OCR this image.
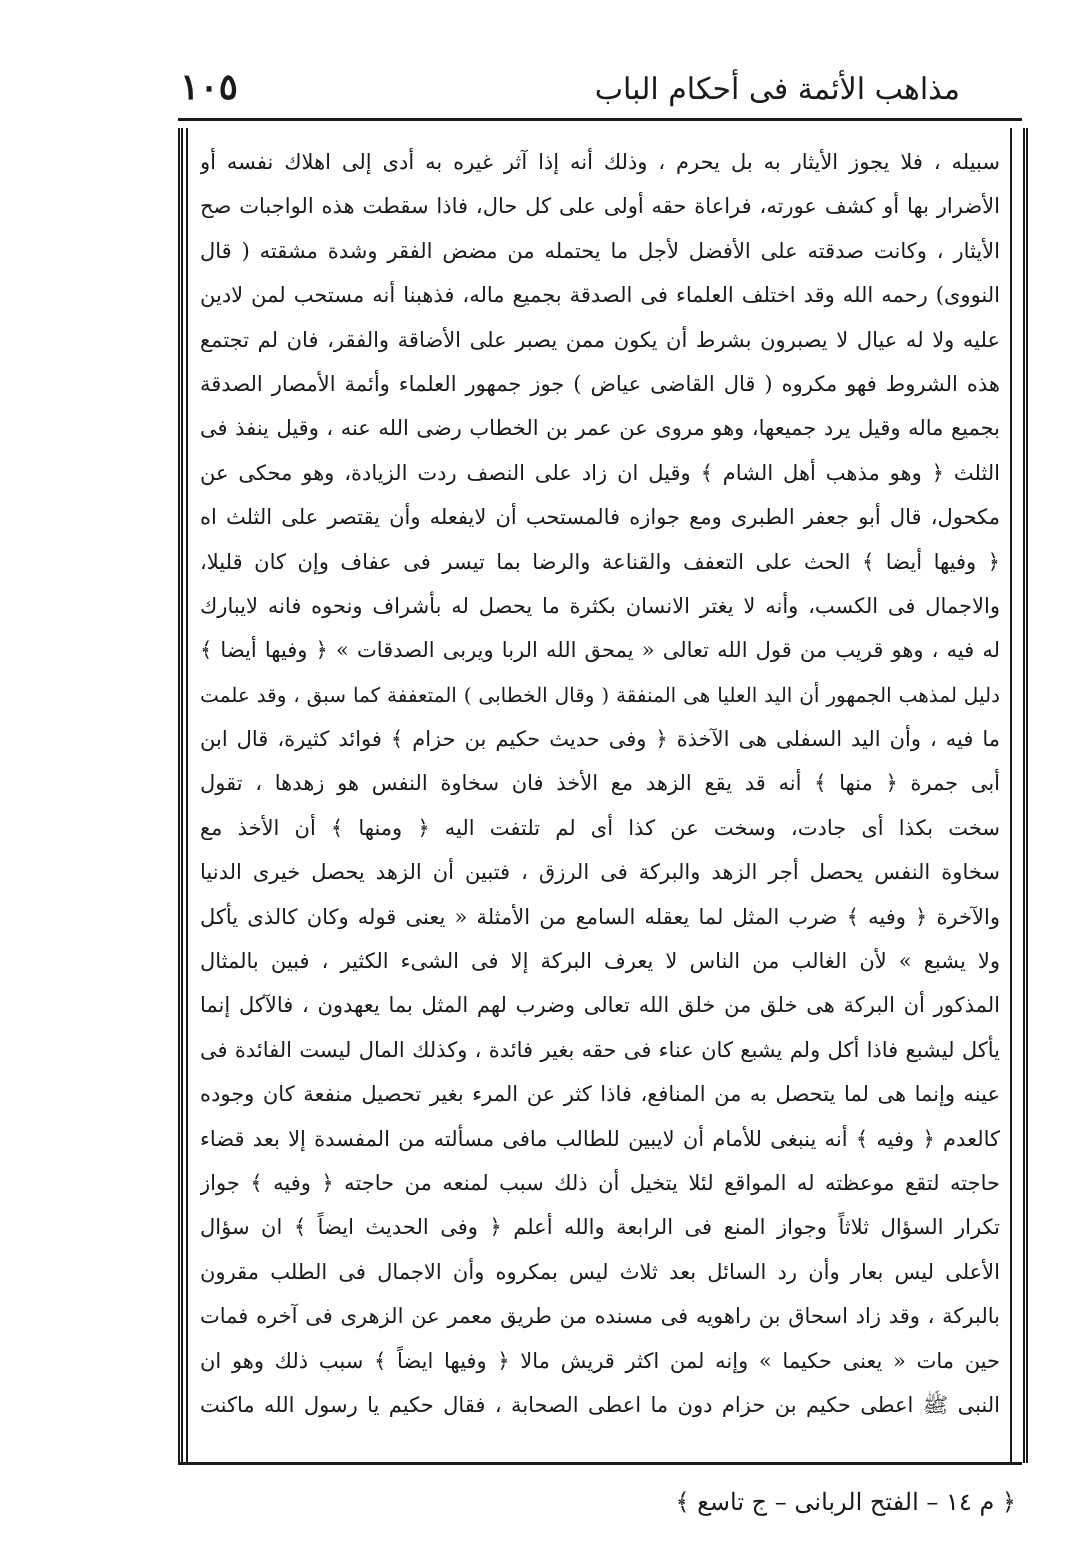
مذاهب الأئمة فى أحكام الباب
١٠٥
سبيله ، فلا يجوز الأيثار به بل يحرم ، وذلك أنه إذا آثر غيره به أدى إلى اهلاك نفسه أو
الأضرار بها أو كشف عورته، فراعاة حقه أولى على كل حال، فاذا سقطت هذه الواجبات صح
الأيثار ، وكانت صدقته على الأفضل لأجل ما يحتمله من مضض الفقر وشدة مشقته ( قال
النووى) رحمه الله وقد اختلف العلماء فى الصدقة بجميع ماله، فذهبنا أنه مستحب لمن لادين
عليه ولا له عيال لا يصبرون بشرط أن يكون ممن يصبر على الأضاقة والفقر، فان لم تجتمع
هذه الشروط فهو مكروه ( قال القاضى عياض ) جوز جمهور العلماء وأئمة الأمصار الصدقة
بجميع ماله وقيل يرد جميعها، وهو مروى عن عمر بن الخطاب رضى الله عنه ، وقيل ينفذ فى
الثلث ﴿ وهو مذهب أهل الشام ﴾ وقيل ان زاد على النصف ردت الزيادة، وهو محكى عن
مكحول، قال أبو جعفر الطبرى ومع جوازه فالمستحب أن لايفعله وأن يقتصر على الثلث اه
﴿ وفيها أيضا ﴾ الحث على التعفف والقناعة والرضا بما تيسر فى عفاف وإن كان قليلا،
والاجمال فى الكسب، وأنه لا يغتر الانسان بكثرة ما يحصل له بأشراف ونحوه فانه لايبارك
له فيه ، وهو قريب من قول الله تعالى « يمحق الله الربا ويربى الصدقات » ﴿ وفيها أيضا ﴾
دليل لمذهب الجمهور أن اليد العليا هى المنفقة ( وقال الخطابى ) المتعففة كما سبق ، وقد علمت
ما فيه ، وأن اليد السفلى هى الآخذة ﴿ وفى حديث حكيم بن حزام ﴾ فوائد كثيرة، قال ابن
أبى جمرة ﴿ منها ﴾ أنه قد يقع الزهد مع الأخذ فان سخاوة النفس هو زهدها ، تقول
سخت بكذا أى جادت، وسخت عن كذا أى لم تلتفت اليه ﴿ ومنها ﴾ أن الأخذ مع
سخاوة النفس يحصل أجر الزهد والبركة فى الرزق ، فتبين أن الزهد يحصل خيرى الدنيا
والآخرة ﴿ وفيه ﴾ ضرب المثل لما يعقله السامع من الأمثلة « يعنى قوله وكان كالذى يأكل
ولا يشبع » لأن الغالب من الناس لا يعرف البركة إلا فى الشىء الكثير ، فبين بالمثال
المذكور أن البركة هى خلق من خلق الله تعالى وضرب لهم المثل بما يعهدون ، فالآكل إنما
يأكل ليشبع فاذا أكل ولم يشبع كان عناء فى حقه بغير فائدة ، وكذلك المال ليست الفائدة فى
عينه وإنما هى لما يتحصل به من المنافع، فاذا كثر عن المرء بغير تحصيل منفعة كان وجوده
كالعدم ﴿ وفيه ﴾ أنه ينبغى للأمام أن لايبين للطالب مافى مسألته من المفسدة إلا بعد قضاء
حاجته لتقع موعظته له المواقع لئلا يتخيل أن ذلك سبب لمنعه من حاجته ﴿ وفيه ﴾ جواز
تكرار السؤال ثلاثاً وجواز المنع فى الرابعة والله أعلم ﴿ وفى الحديث ايضاً ﴾ ان سؤال
الأعلى ليس بعار وأن رد السائل بعد ثلاث ليس بمكروه وأن الاجمال فى الطلب مقرون
بالبركة ، وقد زاد اسحاق بن راهويه فى مسنده من طريق معمر عن الزهرى فى آخره فمات
حين مات « يعنى حكيما » وإنه لمن اكثر قريش مالا ﴿ وفيها ايضاً ﴾ سبب ذلك وهو ان
النبى ﷺ اعطى حكيم بن حزام دون ما اعطى الصحابة ، فقال حكيم يا رسول الله ماكنت
﴿ م ١٤ – الفتح الربانى – ج تاسع ﴾
